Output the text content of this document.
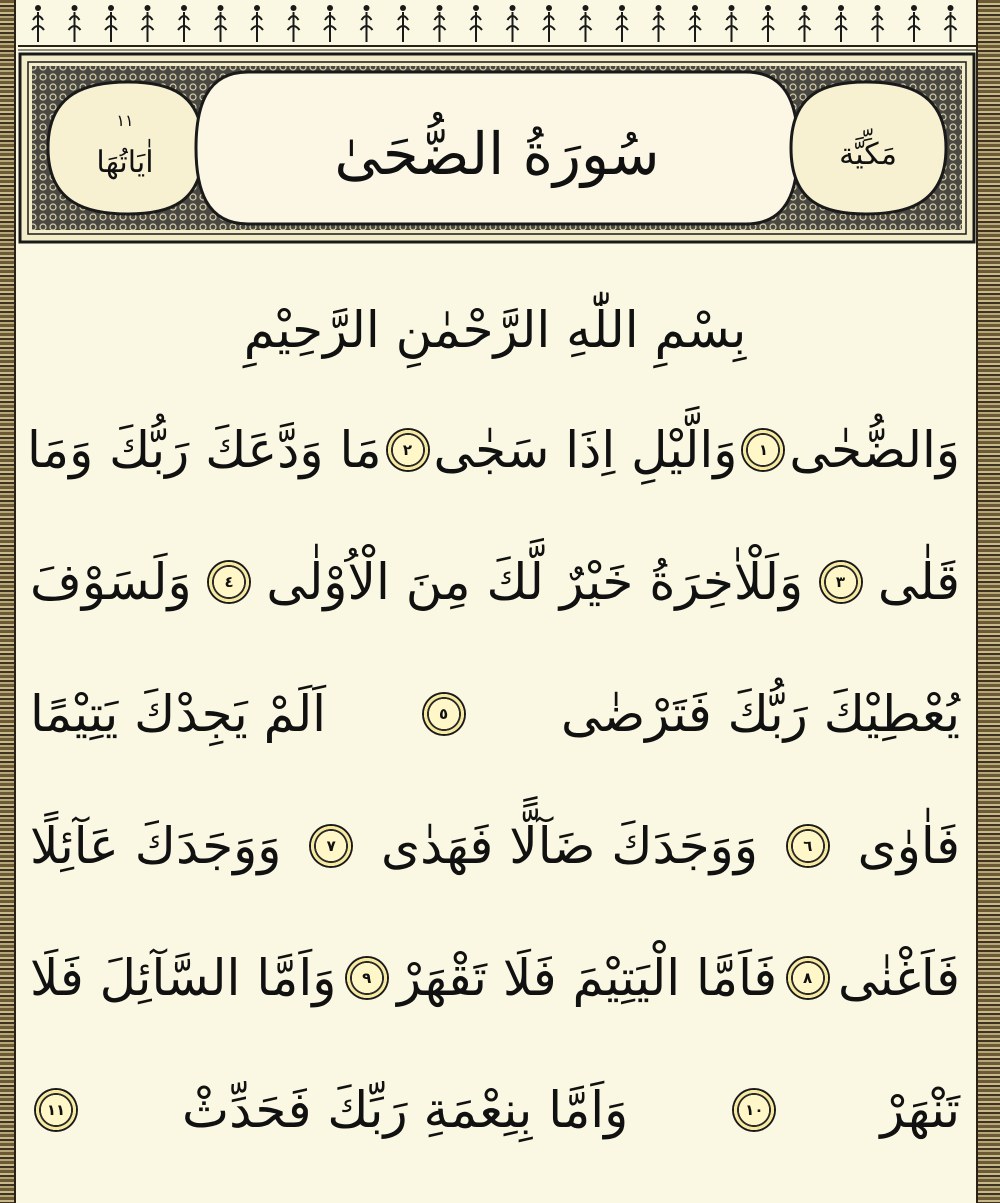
اٰيَاتُهَا
١١	سُورَةُ الضُّحَىٰ	مَكِّيَّة
بِسْمِ اللّٰهِ الرَّحْمٰنِ الرَّحِيْمِ
وَالضُّحٰى
١
وَالَّيْلِ اِذَا سَجٰى
٢
مَا وَدَّعَكَ رَبُّكَ وَمَا
قَلٰى
٣
وَلَلْاٰخِرَةُ خَيْرٌ لَّكَ مِنَ الْاُوْلٰى
٤
وَلَسَوْفَ
يُعْطِيْكَ رَبُّكَ فَتَرْضٰى
٥
اَلَمْ يَجِدْكَ يَتِيْمًا
فَاٰوٰى
٦
وَوَجَدَكَ ضَآلًّا فَهَدٰى
٧
وَوَجَدَكَ عَآئِلًا
فَاَغْنٰى
٨
فَاَمَّا الْيَتِيْمَ فَلَا تَقْهَرْ
٩
وَاَمَّا السَّآئِلَ فَلَا
تَنْهَرْ
١٠
وَاَمَّا بِنِعْمَةِ رَبِّكَ فَحَدِّثْ
١١
